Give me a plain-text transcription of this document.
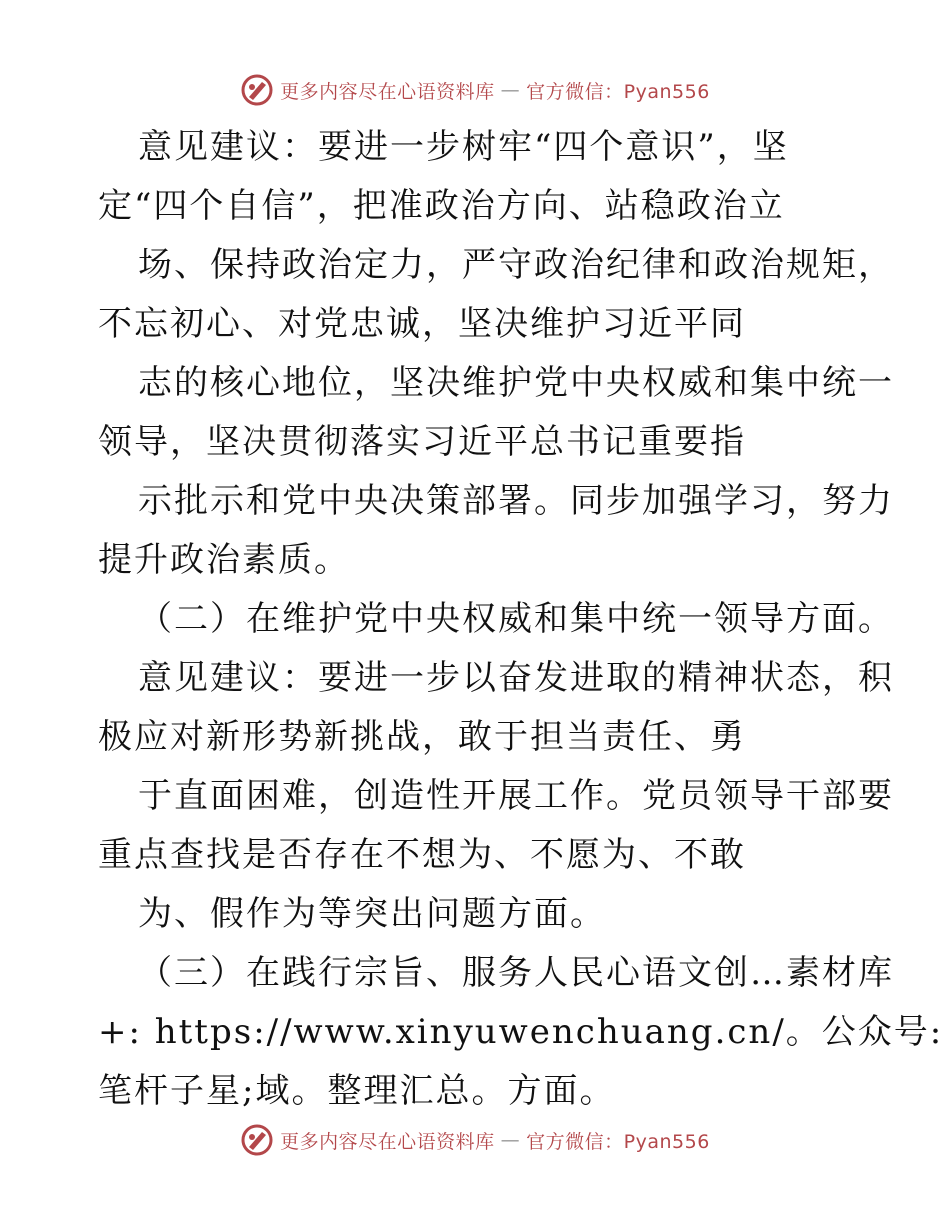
更多内容尽在心语资料库 — 官方微信：Pyan556
意见建议：要进一步树牢“四个意识”，坚
定“四个自信”，把准政治方向、站稳政治立
场、保持政治定力，严守政治纪律和政治规矩，
不忘初心、对党忠诚，坚决维护习近平同
志的核心地位，坚决维护党中央权威和集中统一
领导，坚决贯彻落实习近平总书记重要指
示批示和党中央决策部署。同步加强学习，努力
提升政治素质。
（二）在维护党中央权威和集中统一领导方面。
意见建议：要进一步以奋发进取的精神状态，积
极应对新形势新挑战，敢于担当责任、勇
于直面困难，创造性开展工作。党员领导干部要
重点查找是否存在不想为、不愿为、不敢
为、假作为等突出问题方面。
（三）在践行宗旨、服务人民心语文创…素材库
+: https://www.xinyuwenchuang.cn/。公众号:
笔杆子星;域。整理汇总。方面。
更多内容尽在心语资料库 — 官方微信：Pyan556
